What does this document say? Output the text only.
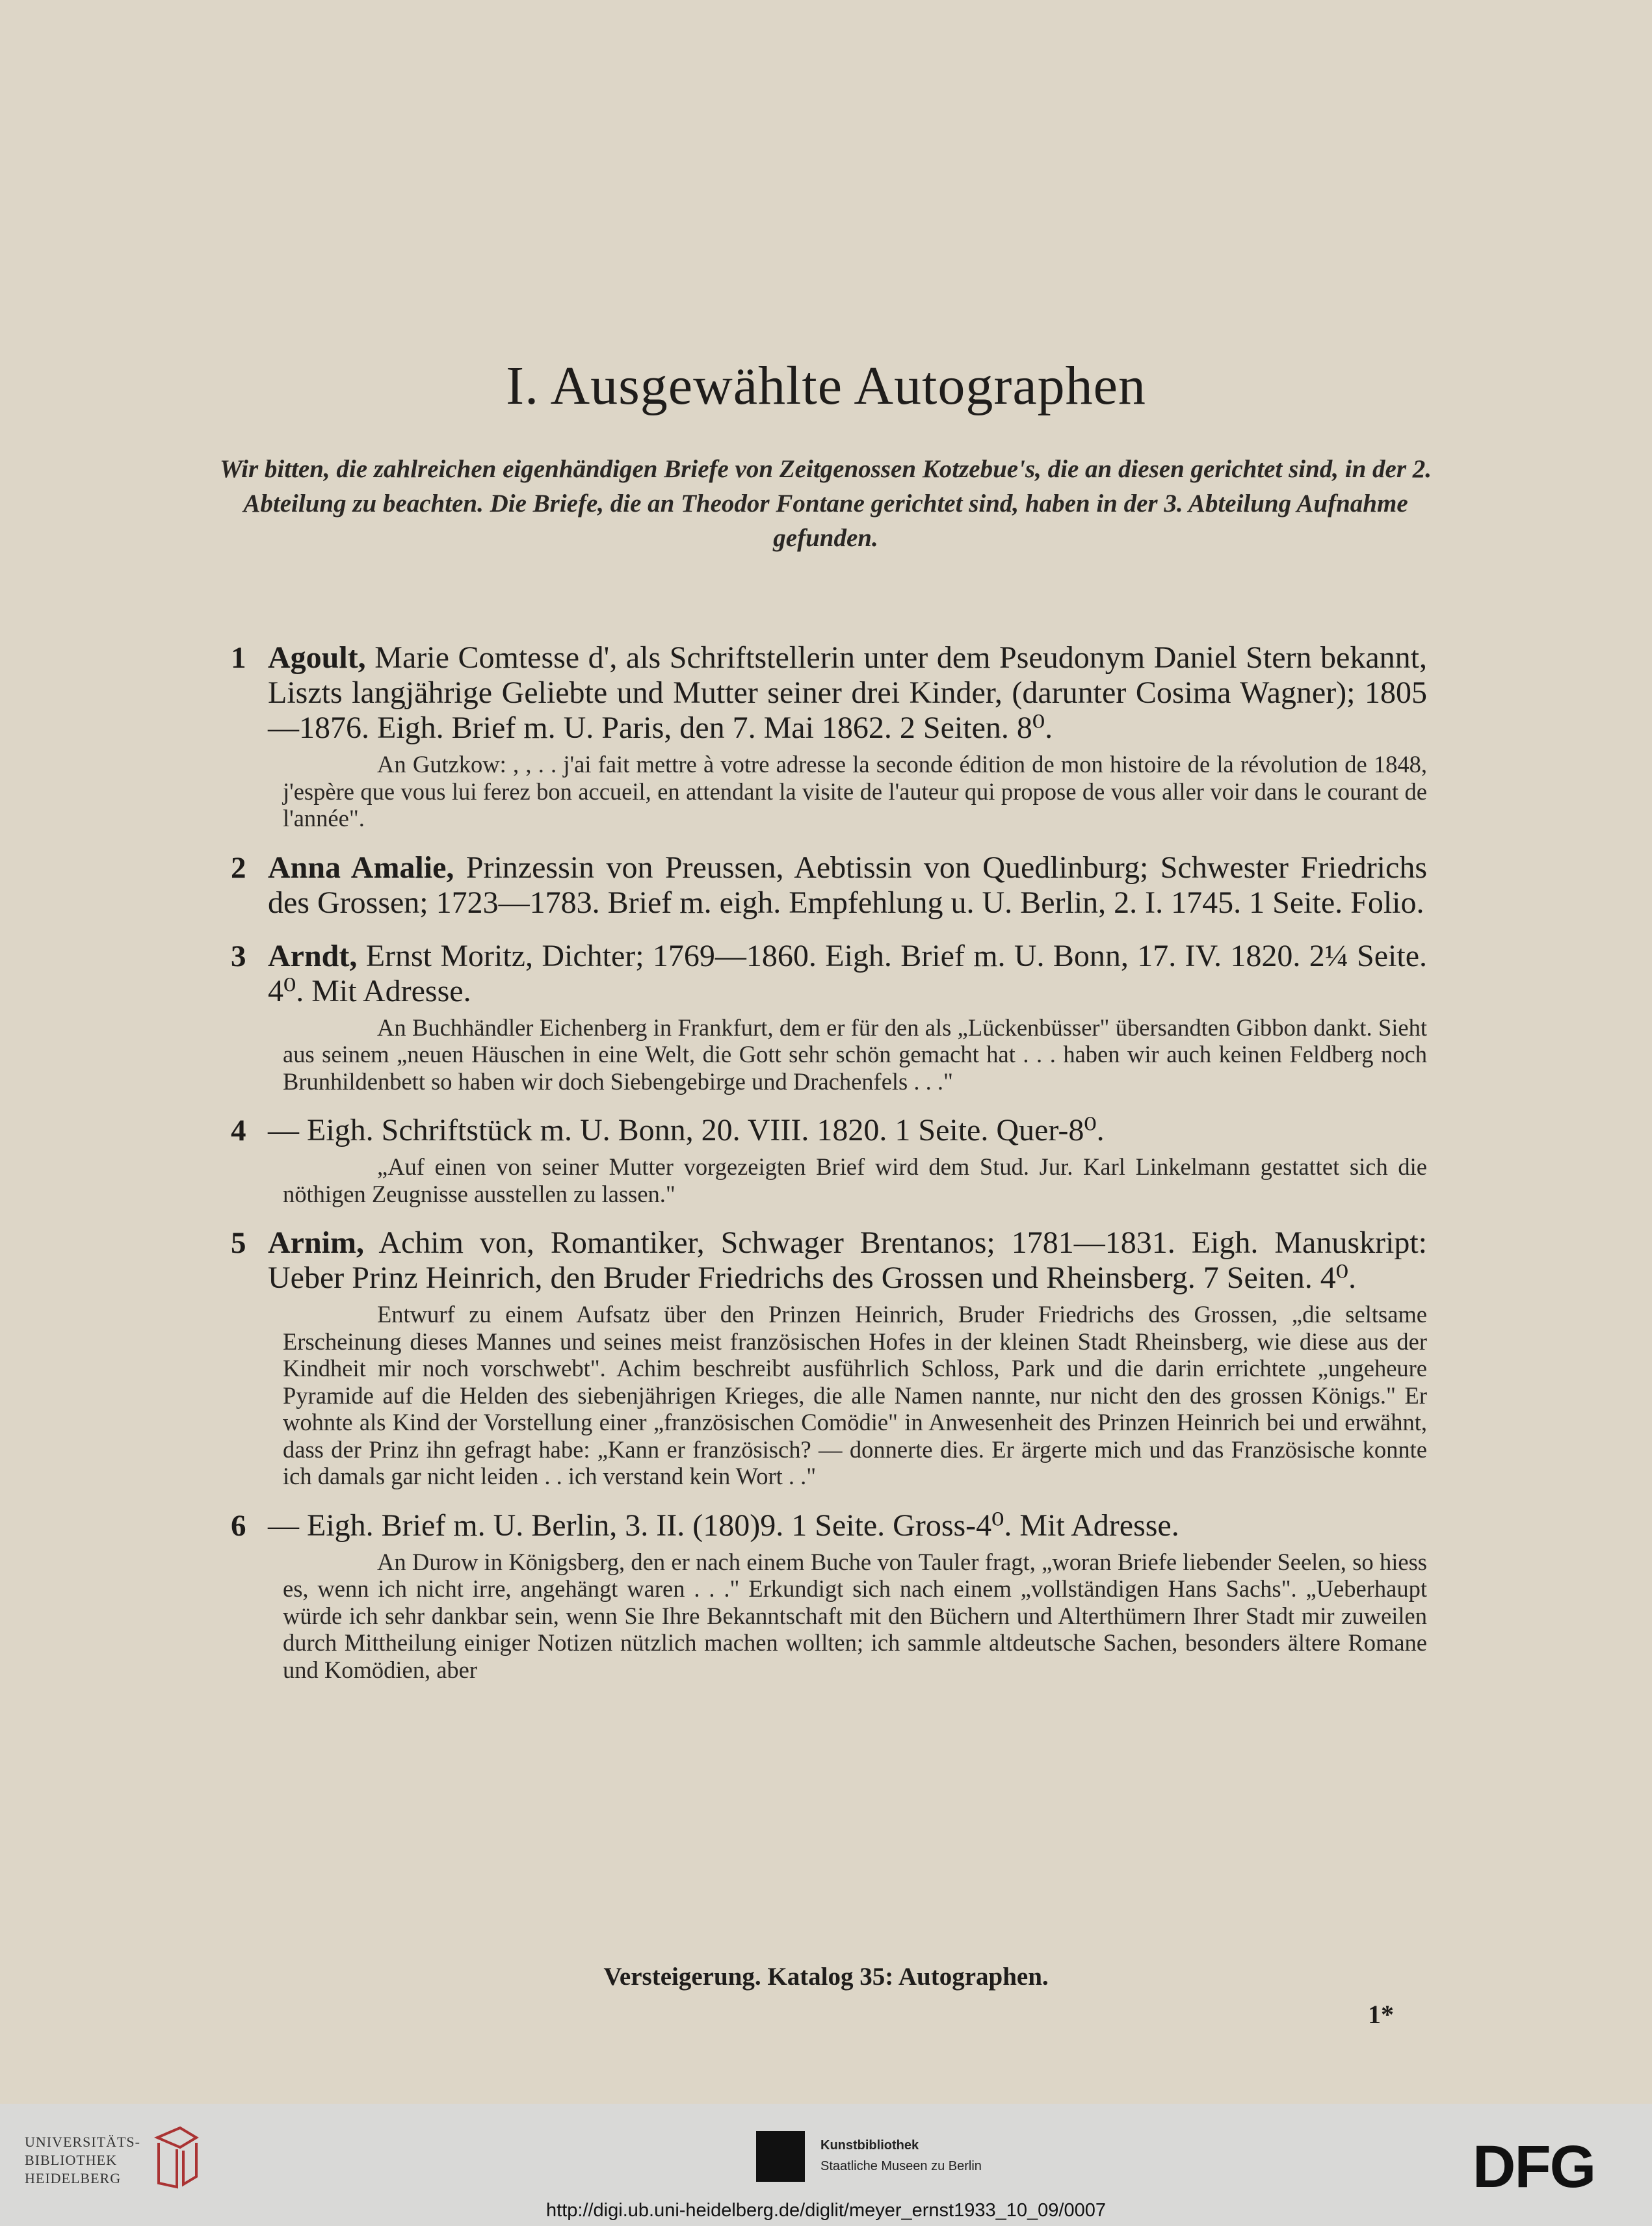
I. Ausgewählte Autographen
Wir bitten, die zahlreichen eigenhändigen Briefe von Zeitgenossen Kotzebue's, die an diesen gerichtet sind, in der 2. Abteilung zu beachten. Die Briefe, die an Theodor Fontane gerichtet sind, haben in der 3. Abteilung Aufnahme gefunden.
1 Agoult, Marie Comtesse d', als Schriftstellerin unter dem Pseudonym Daniel Stern bekannt, Liszts langjährige Geliebte und Mutter seiner drei Kinder, (darunter Cosima Wagner); 1805—1876. Eigh. Brief m. U. Paris, den 7. Mai 1862. 2 Seiten. 8⁰.

An Gutzkow: , , . . j'ai fait mettre à votre adresse la seconde édition de mon histoire de la révolution de 1848, j'espère que vous lui ferez bon accueil, en attendant la visite de l'auteur qui propose de vous aller voir dans le courant de l'année".

2 Anna Amalie, Prinzessin von Preussen, Aebtissin von Quedlinburg; Schwester Friedrichs des Grossen; 1723—1783. Brief m. eigh. Empfehlung u. U. Berlin, 2. I. 1745. 1 Seite. Folio.
3 Arndt, Ernst Moritz, Dichter; 1769—1860. Eigh. Brief m. U. Bonn, 17. IV. 1820. 2¼ Seite. 4⁰. Mit Adresse.

An Buchhändler Eichenberg in Frankfurt, dem er für den als „Lückenbüsser" übersandten Gibbon dankt. Sieht aus seinem „neuen Häuschen in eine Welt, die Gott sehr schön gemacht hat . . . haben wir auch keinen Feldberg noch Brunhildenbett so haben wir doch Siebengebirge und Drachenfels . . ."

4 — Eigh. Schriftstück m. U. Bonn, 20. VIII. 1820. 1 Seite. Quer-8⁰.

„Auf einen von seiner Mutter vorgezeigten Brief wird dem Stud. Jur. Karl Linkelmann gestattet sich die nöthigen Zeugnisse ausstellen zu lassen."

5 Arnim, Achim von, Romantiker, Schwager Brentanos; 1781—1831. Eigh. Manuskript: Ueber Prinz Heinrich, den Bruder Friedrichs des Grossen und Rheinsberg. 7 Seiten. 4⁰.

Entwurf zu einem Aufsatz über den Prinzen Heinrich, Bruder Friedrichs des Grossen, „die seltsame Erscheinung dieses Mannes und seines meist französischen Hofes in der kleinen Stadt Rheinsberg, wie diese aus der Kindheit mir noch vorschwebt". Achim beschreibt ausführlich Schloss, Park und die darin errichtete „ungeheure Pyramide auf die Helden des siebenjährigen Krieges, die alle Namen nannte, nur nicht den des grossen Königs." Er wohnte als Kind der Vorstellung einer „französischen Comödie" in Anwesenheit des Prinzen Heinrich bei und erwähnt, dass der Prinz ihn gefragt habe: „Kann er französisch? — donnerte dies. Er ärgerte mich und das Französische konnte ich damals gar nicht leiden . . ich verstand kein Wort . ."

6 — Eigh. Brief m. U. Berlin, 3. II. (180)9. 1 Seite. Gross-4⁰. Mit Adresse.

An Durow in Königsberg, den er nach einem Buche von Tauler fragt, „woran Briefe liebender Seelen, so hiess es, wenn ich nicht irre, angehängt waren . . ." Erkundigt sich nach einem „vollständigen Hans Sachs". „Ueberhaupt würde ich sehr dankbar sein, wenn Sie Ihre Bekanntschaft mit den Büchern und Alterthümern Ihrer Stadt mir zuweilen durch Mittheilung einiger Notizen nützlich machen wollten; ich sammle altdeutsche Sachen, besonders ältere Romane und Komödien, aber

Versteigerung. Katalog 35: Autographen.
1*
UNIVERSITÄTS-
BIBLIOTHEK
HEIDELBERG
Kunstbibliothek
Staatliche Museen zu Berlin	DFG
http://digi.ub.uni-heidelberg.de/diglit/meyer_ernst1933_10_09/0007
